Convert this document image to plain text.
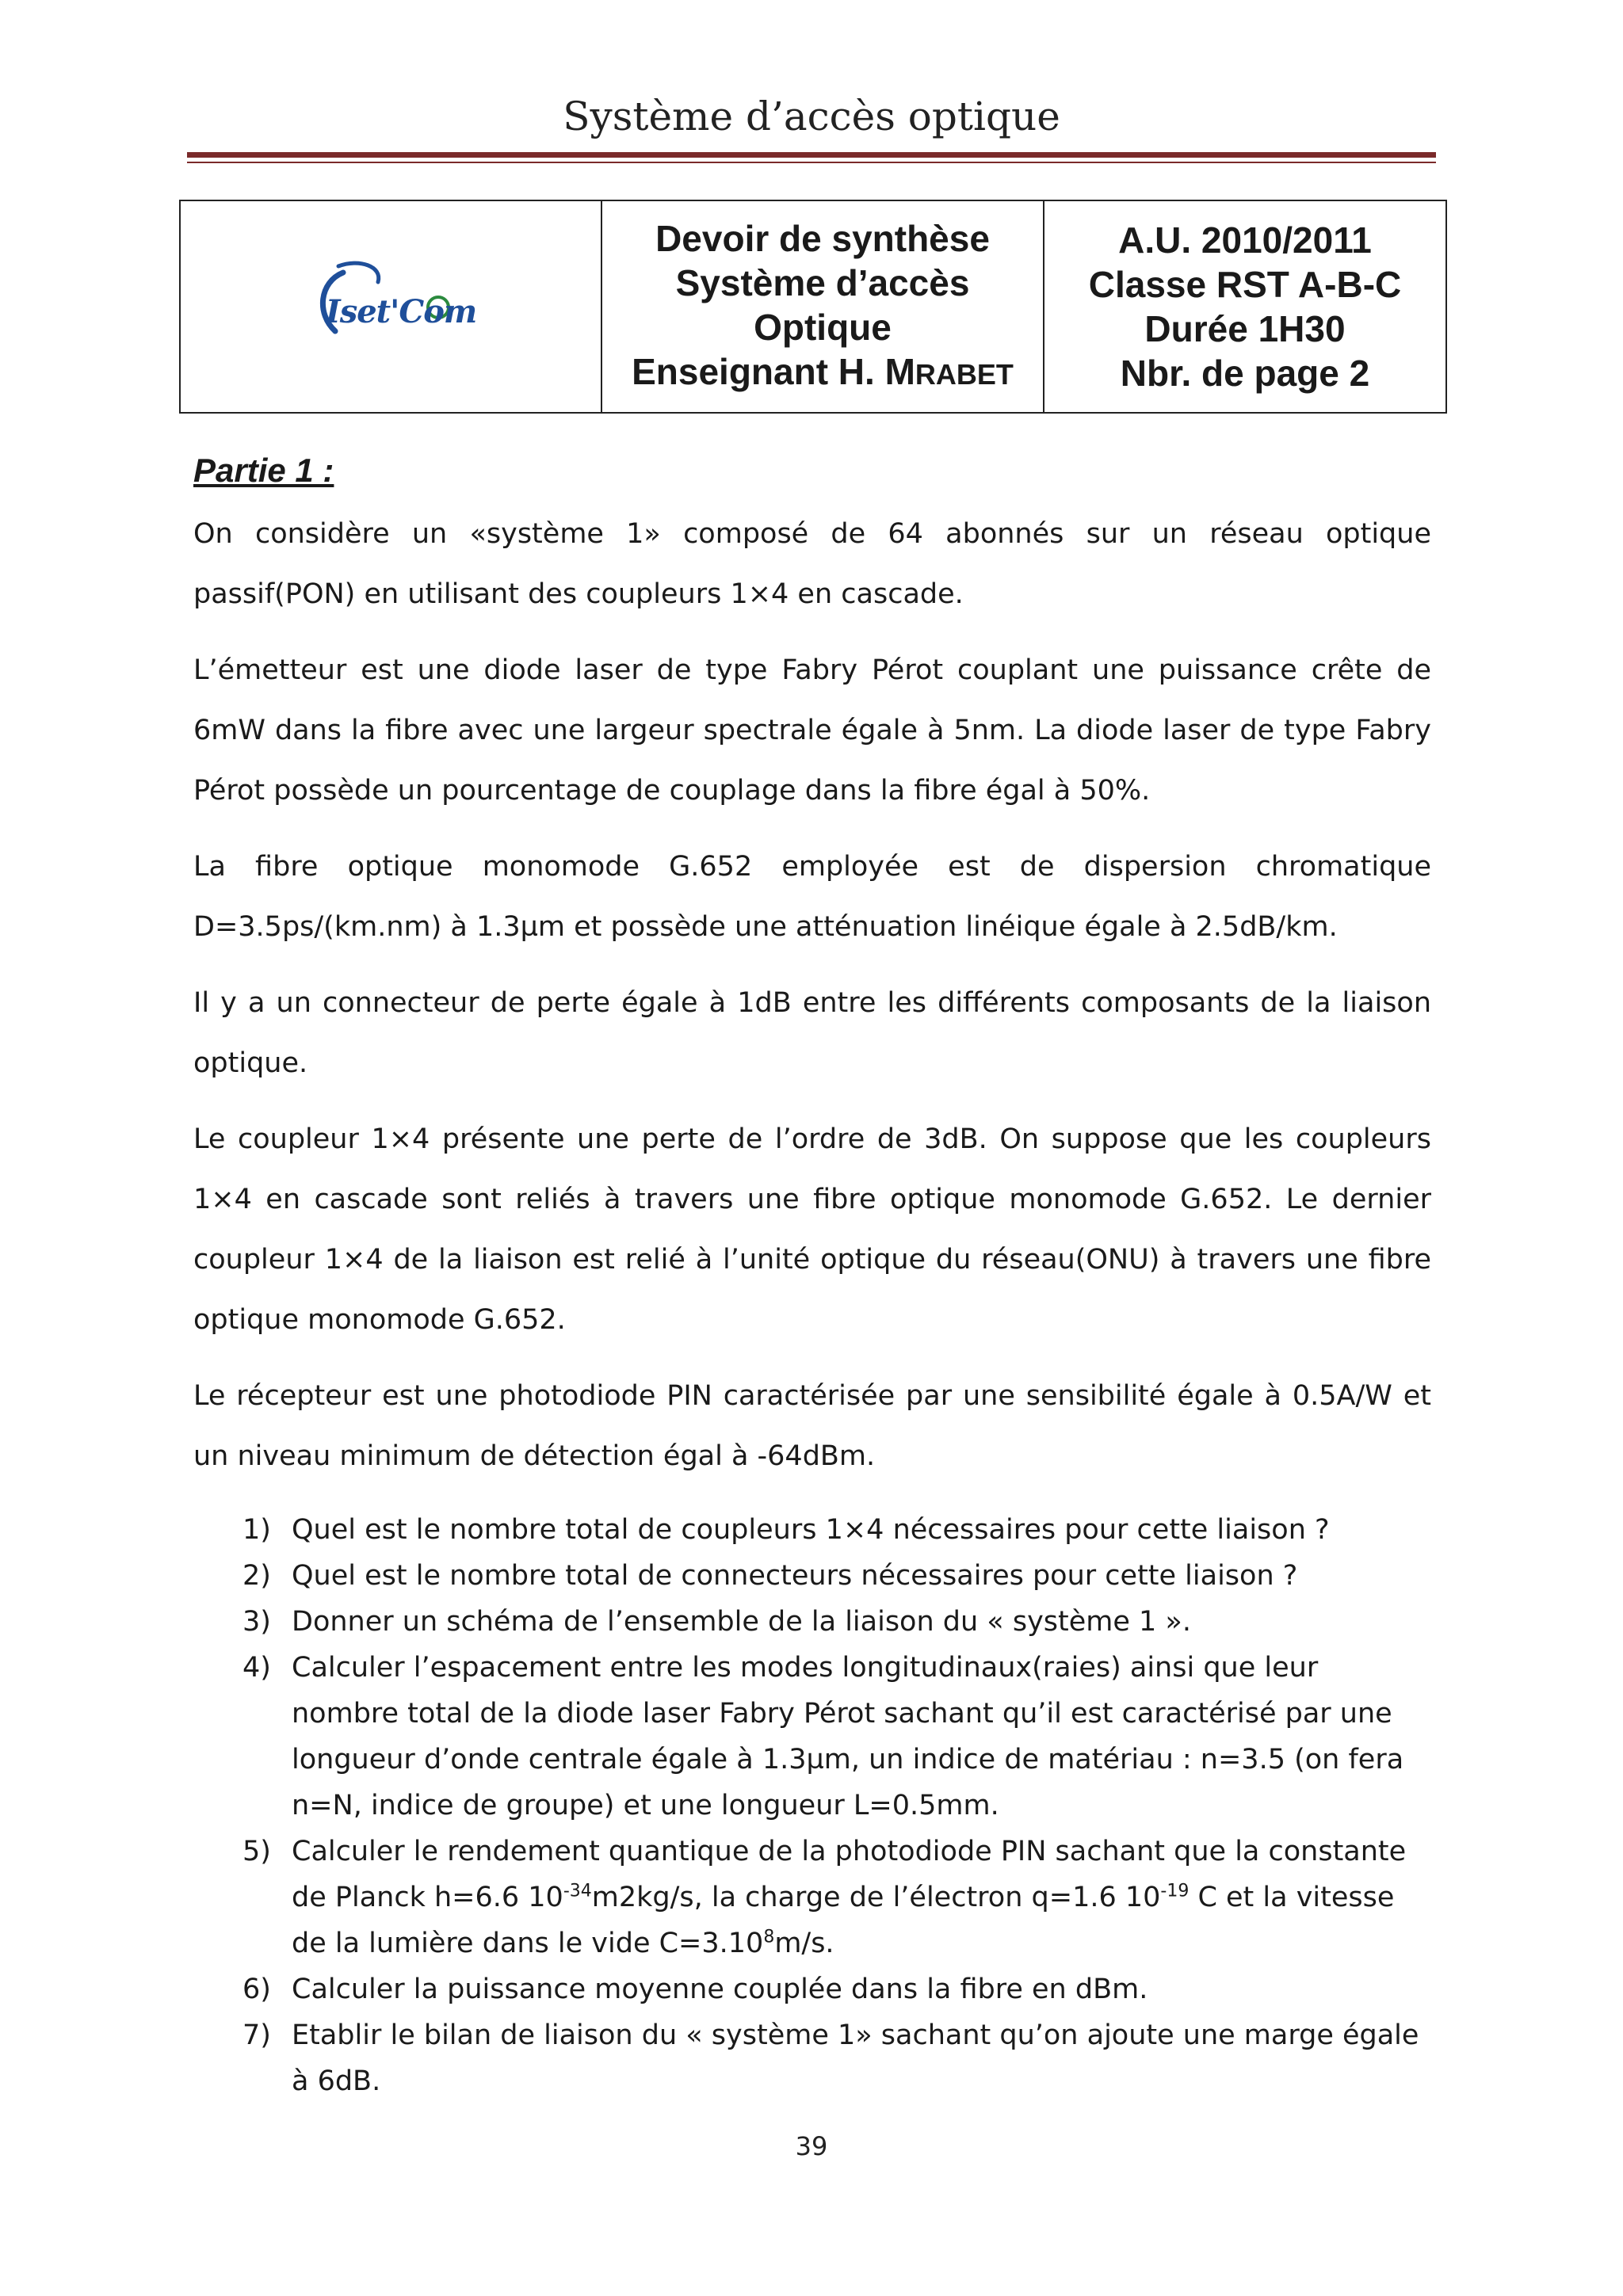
Système d’accès optique
Iset'Com

Devoir de synthèse
Système d’accès
Optique
Enseignant H. MRABET

A.U. 2010/2011
Classe RST A-B-C
Durée 1H30
Nbr. de page 2
Partie 1 :

On considère un «système 1» composé de 64 abonnés sur un réseau optique passif(PON) en utilisant des coupleurs 1×4 en cascade.

L’émetteur est une diode laser de type Fabry Pérot couplant une puissance crête de 6mW dans la fibre avec une largeur spectrale égale à 5nm. La diode laser de type Fabry Pérot possède un pourcentage de couplage dans la fibre égal à 50%.

La fibre optique monomode G.652 employée est de dispersion chromatique D=3.5ps/(km.nm) à 1.3µm et possède une atténuation linéique égale à 2.5dB/km.

Il y a un connecteur de perte égale à 1dB entre les différents composants de la liaison optique.

Le coupleur 1×4 présente une perte de l’ordre de 3dB. On suppose que les coupleurs 1×4 en cascade sont reliés à travers une fibre optique monomode G.652. Le dernier coupleur 1×4 de la liaison est relié à l’unité optique du réseau(ONU) à travers une fibre optique monomode G.652.

Le récepteur est une photodiode PIN caractérisée par une sensibilité égale à 0.5A/W et un niveau minimum de détection égal à -64dBm.

1) Quel est le nombre total de coupleurs 1×4 nécessaires pour cette liaison ?
2) Quel est le nombre total de connecteurs nécessaires pour cette liaison ?
3) Donner un schéma de l’ensemble de la liaison du « système 1 ».
4) Calculer l’espacement entre les modes longitudinaux(raies) ainsi que leur nombre total de la diode laser Fabry Pérot sachant qu’il est caractérisé par une longueur d’onde centrale égale à 1.3µm, un indice de matériau : n=3.5 (on fera n=N, indice de groupe) et une longueur L=0.5mm.
5) Calculer le rendement quantique de la photodiode PIN sachant que la constante de Planck h=6.6 $10^{-34}m2kg/s$, la charge de l’électron q=1.6 $10^{-19}$ C et la vitesse de la lumière dans le vide $C=3.10^8m/s$.
6) Calculer la puissance moyenne couplée dans la fibre en dBm.
7) Etablir le bilan de liaison du « système 1» sachant qu’on ajoute une marge égale à 6dB.
39
